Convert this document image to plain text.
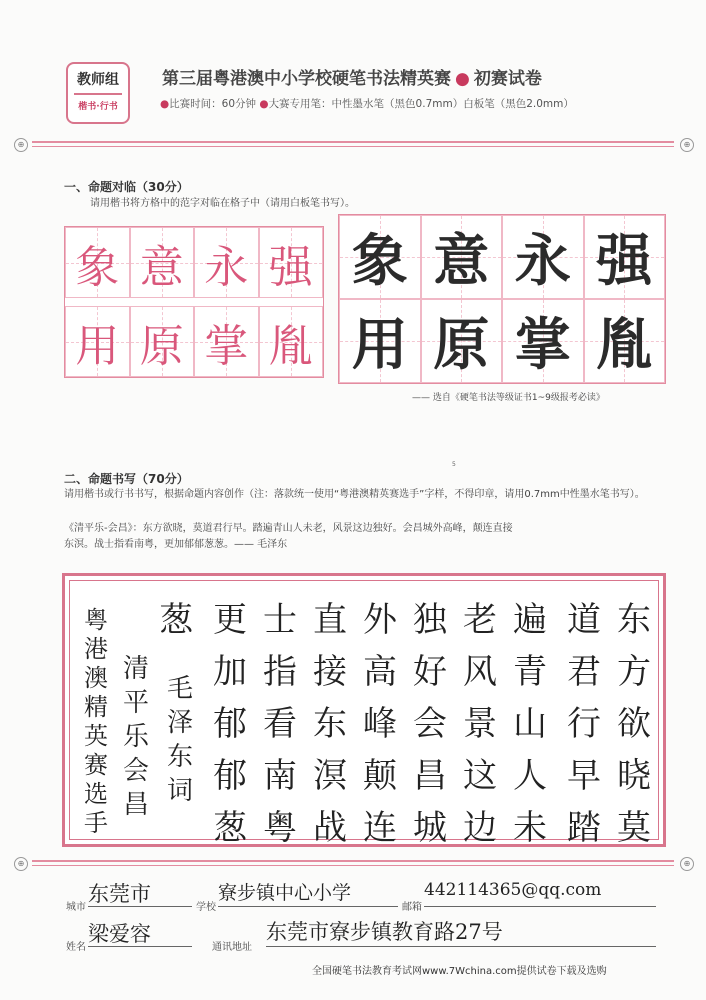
教师组
楷书·行书
第三届粤港澳中小学校硬笔书法精英赛 ● 初赛试卷
●比赛时间：60分钟 ●大赛专用笔：中性墨水笔（黑色0.7mm）白板笔（黑色2.0mm）
⊕	⊕
一、命题对临（30分）
请用楷书将方格中的范字对临在格子中（请用白板笔书写）。
象 意 永 强
用 原 掌 胤
象 意 永 强
用 原 掌 胤
—— 选自《硬笔书法等级证书1~9级报考必读》
5
二、命题书写（70分）
请用楷书或行书书写，根据命题内容创作（注：落款统一使用“粤港澳精英赛选手”字样，不得印章，请用0.7mm中性墨水笔书写）。
《清平乐-会昌》：东方欲晓，莫道君行早。踏遍青山人未老，风景这边独好。会昌城外高峰，颠连直接
东溟。战士指看南粤，更加郁郁葱葱。—— 毛泽东
东
方
欲
晓
莫
道
君
行
早
踏
遍
青
山
人
未
老
风
景
这
边
独
好
会
昌
城
外
高
峰
颠
连
直
接
东
溟
战
士
指
看
南
粤
更
加
郁
郁
葱
葱
毛
泽
东
词
清
平
乐
会
昌
粤
港
澳
精
英
赛
选
手
⊕	⊕
城市
东莞市
学校
寮步镇中心小学
邮箱
442114365@qq.com
姓名
梁爱容
通讯地址
东莞市寮步镇教育路27号
全国硬笔书法教育考试网www.7Wchina.com提供试卷下载及选购
